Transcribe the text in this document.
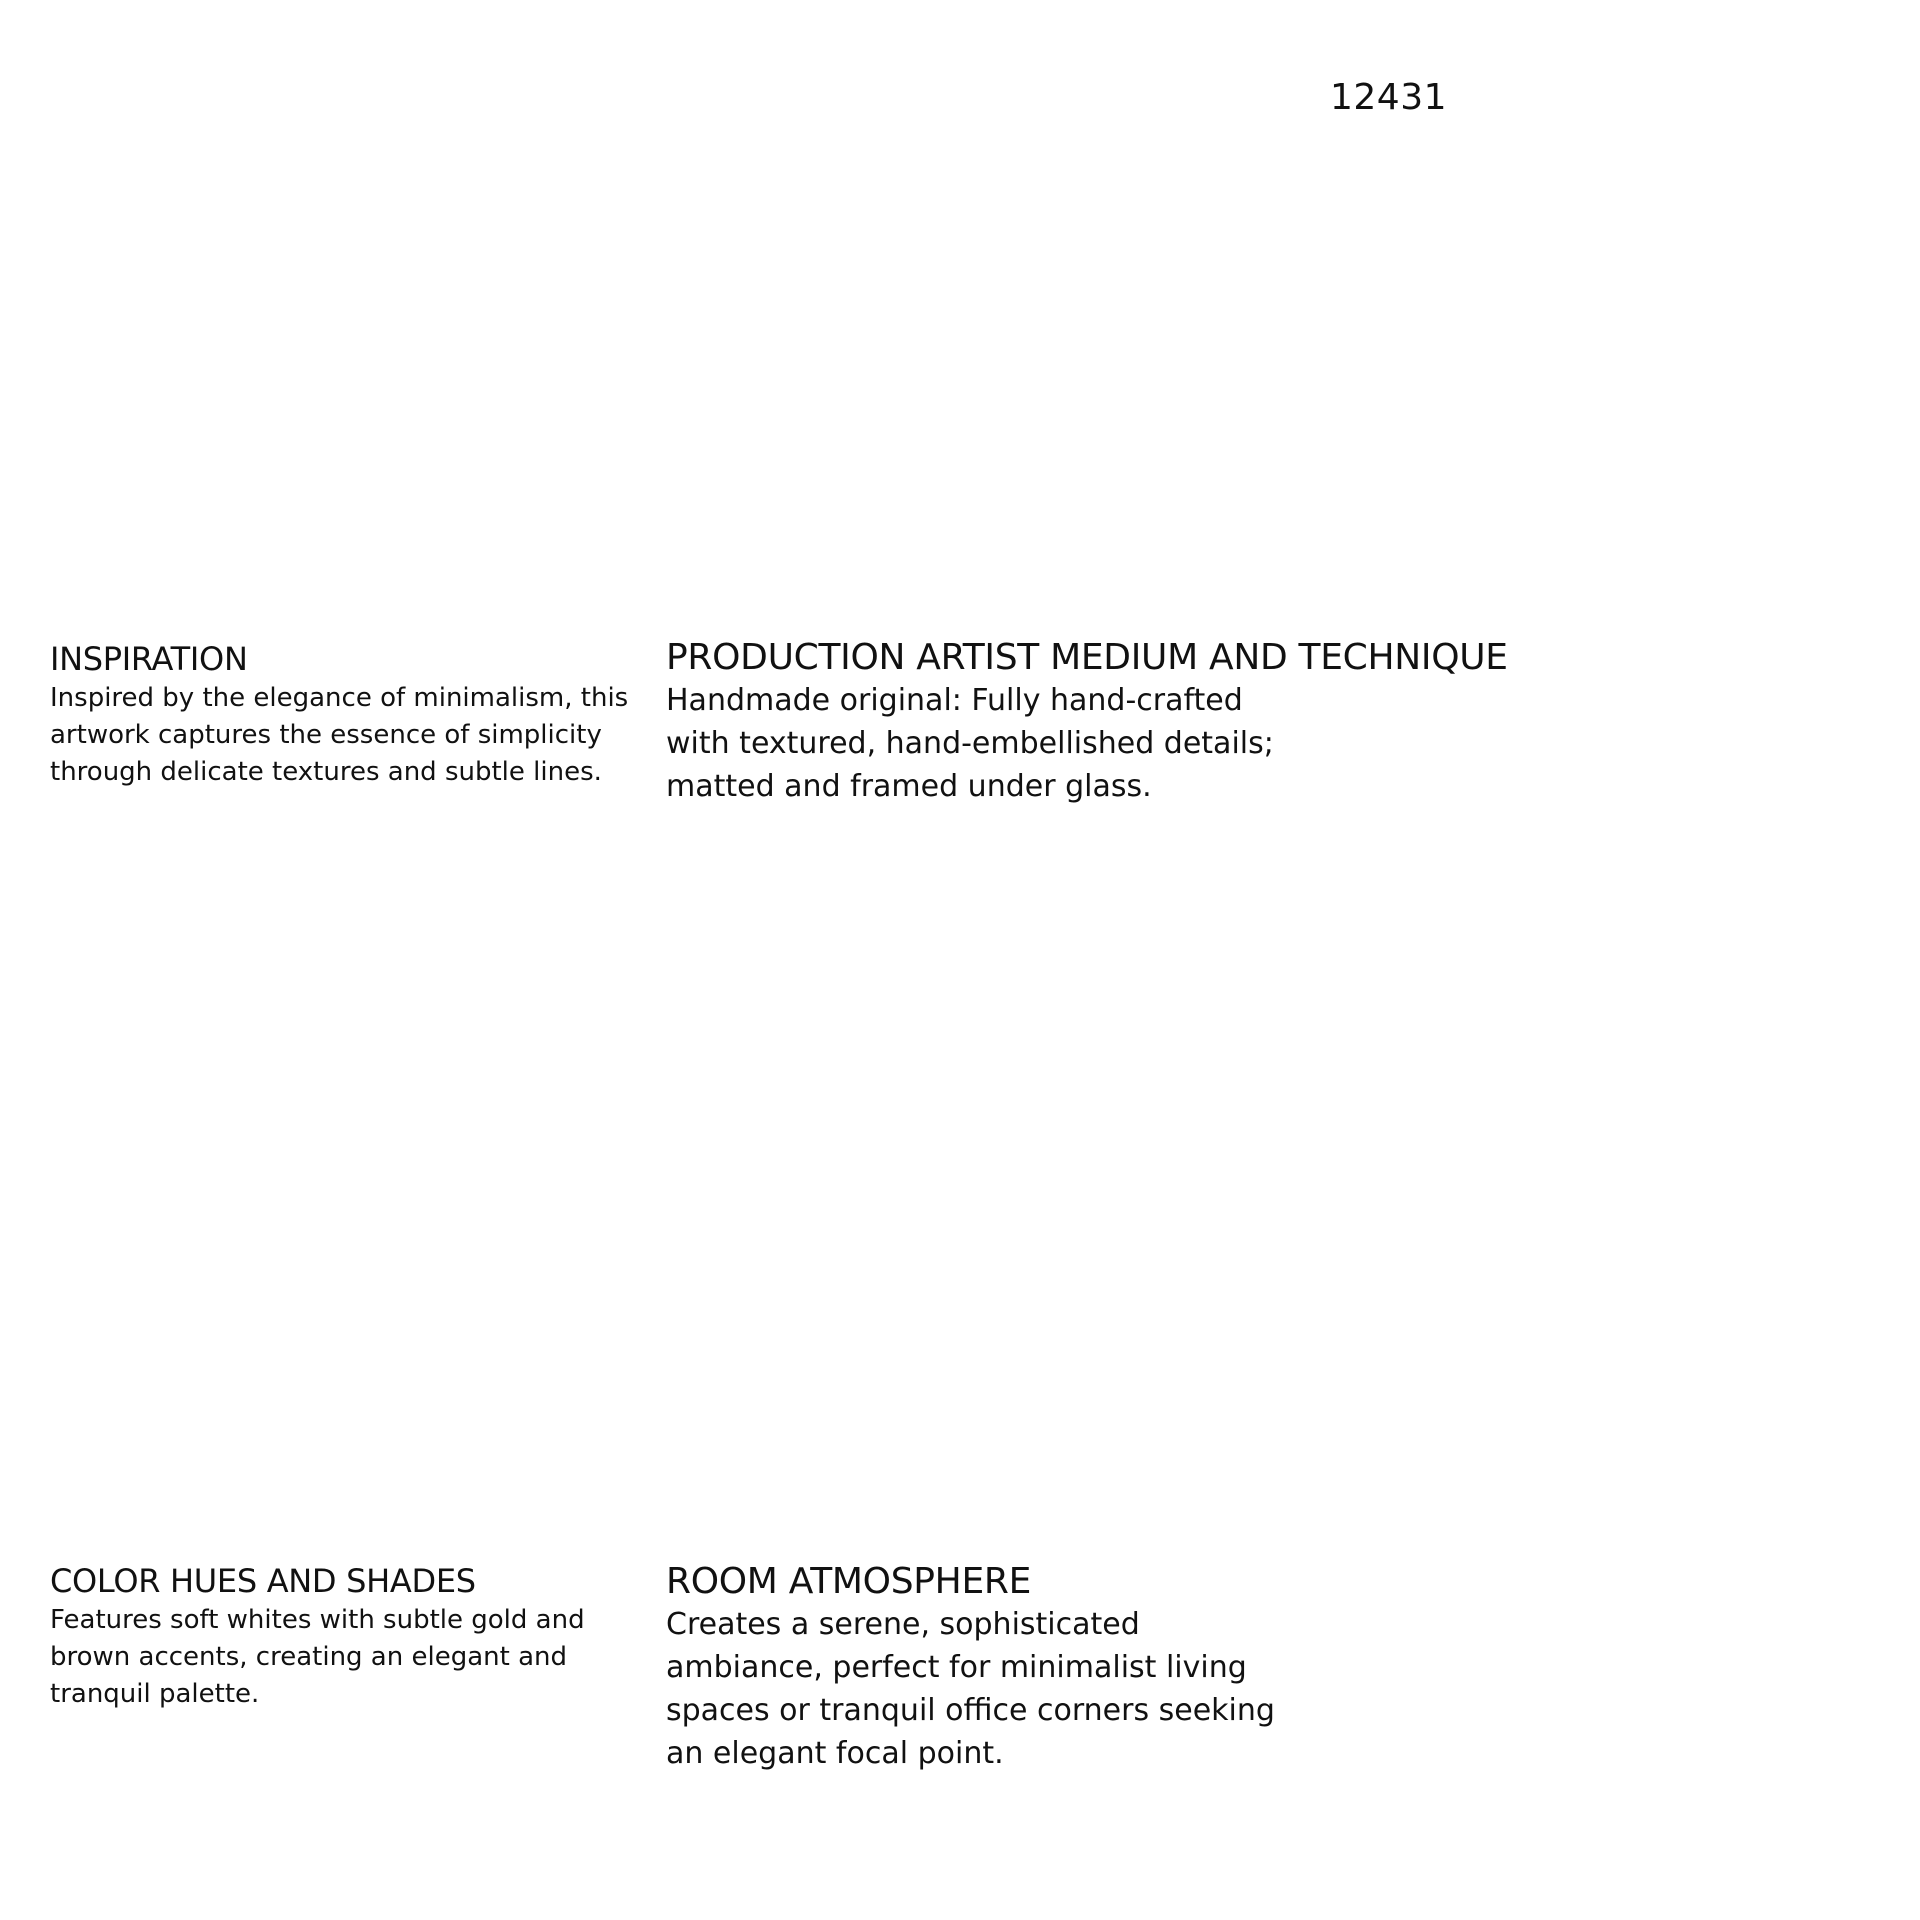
12431
INSPIRATION

Inspired by the elegance of minimalism, this
artwork captures the essence of simplicity
through delicate textures and subtle lines.

PRODUCTION ARTIST MEDIUM AND TECHNIQUE

Handmade original: Fully hand-crafted
with textured, hand-embellished details;
matted and framed under glass.

COLOR HUES AND SHADES

Features soft whites with subtle gold and
brown accents, creating an elegant and
tranquil palette.

ROOM ATMOSPHERE

Creates a serene, sophisticated
ambiance, perfect for minimalist living
spaces or tranquil office corners seeking
an elegant focal point.
